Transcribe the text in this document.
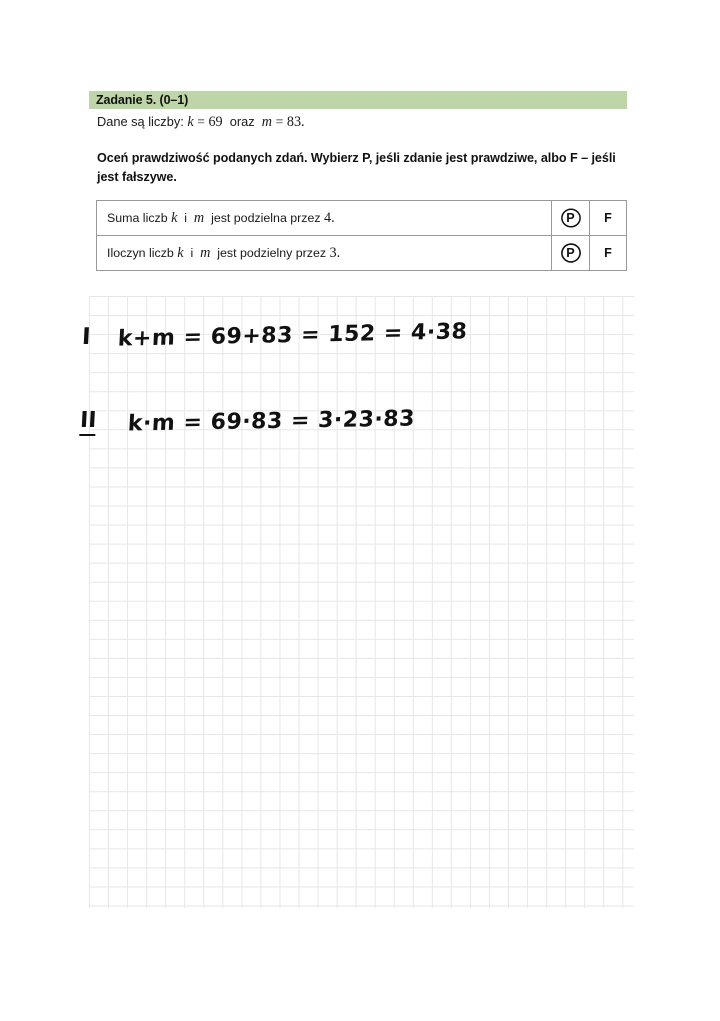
Zadanie 5. (0–1)
Dane są liczby: k = 69 oraz m = 83.
Oceń prawdziwość podanych zdań. Wybierz P, jeśli zdanie jest prawdziwe, albo F – jeśli jest fałszywe.
Suma liczb k i m jest podzielna przez 4.	P	F
Iloczyn liczb k i m jest podzielny przez 3.	P	F
I k+m = 69+83 = 152 = 4·38
II k·m = 69·83 = 3·23·83
